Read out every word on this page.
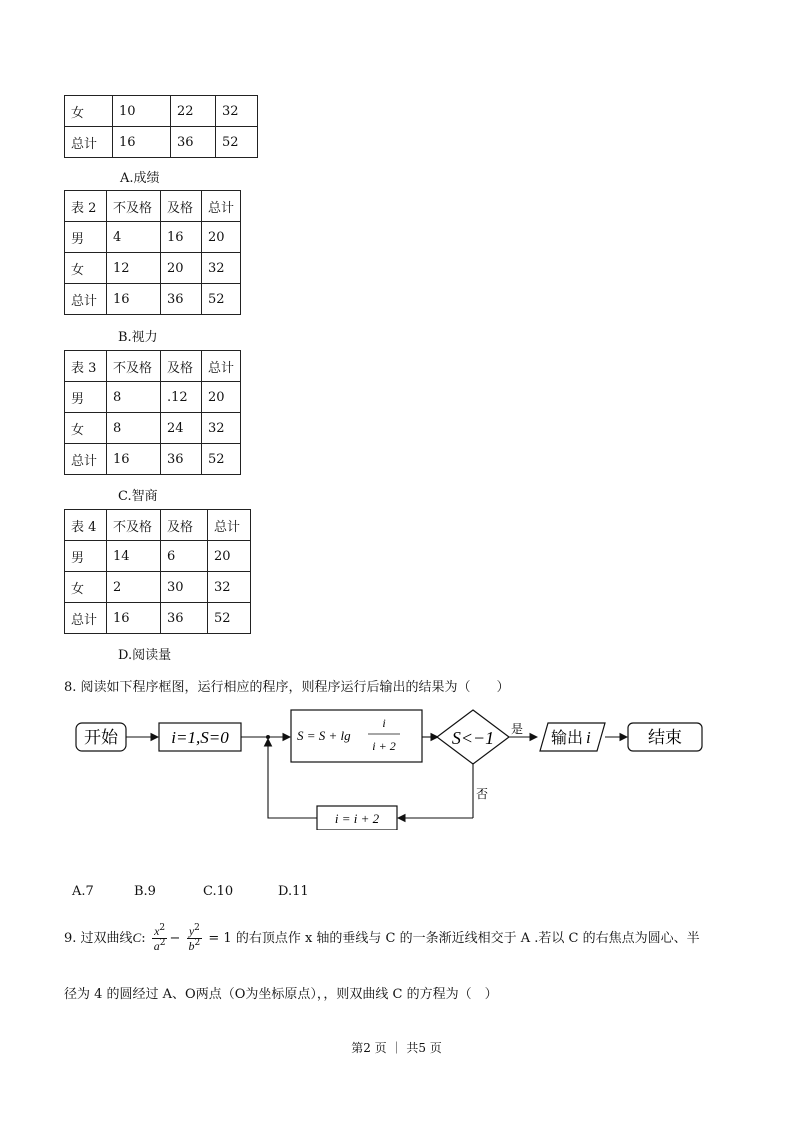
女	10	22	32
总计	16	36	52
A.成绩
表 2	不及格	及格	总计
男	4	16	20
女	12	20	32
总计	16	36	52
B.视力
表 3	不及格	及格	总计
男	8	.12	20
女	8	24	32
总计	16	36	52
C.智商
表 4	不及格	及格	总计
男	14	6	20
女	2	30	32
总计	16	36	52
D.阅读量
8. 阅读如下程序框图，运行相应的程序，则程序运行后输出的结果为（　　）
开始	i=1,S=0	S = S + lg
i
i + 2	S<−1 是 输出 i	结束
否
i = i + 2
A.7	B.9	C.10	D.11
9. 过双曲线C: $\frac{x^2}{a^2} - \frac{y^2}{b^2} = 1$ 的右顶点作 x 轴的垂线与 C 的一条渐近线相交于 A .若以 C 的右焦点为圆心、半
径为 4 的圆经过 A、O两点（O为坐标原点），，则双曲线 C 的方程为（　）
第2 页 ｜ 共5 页
